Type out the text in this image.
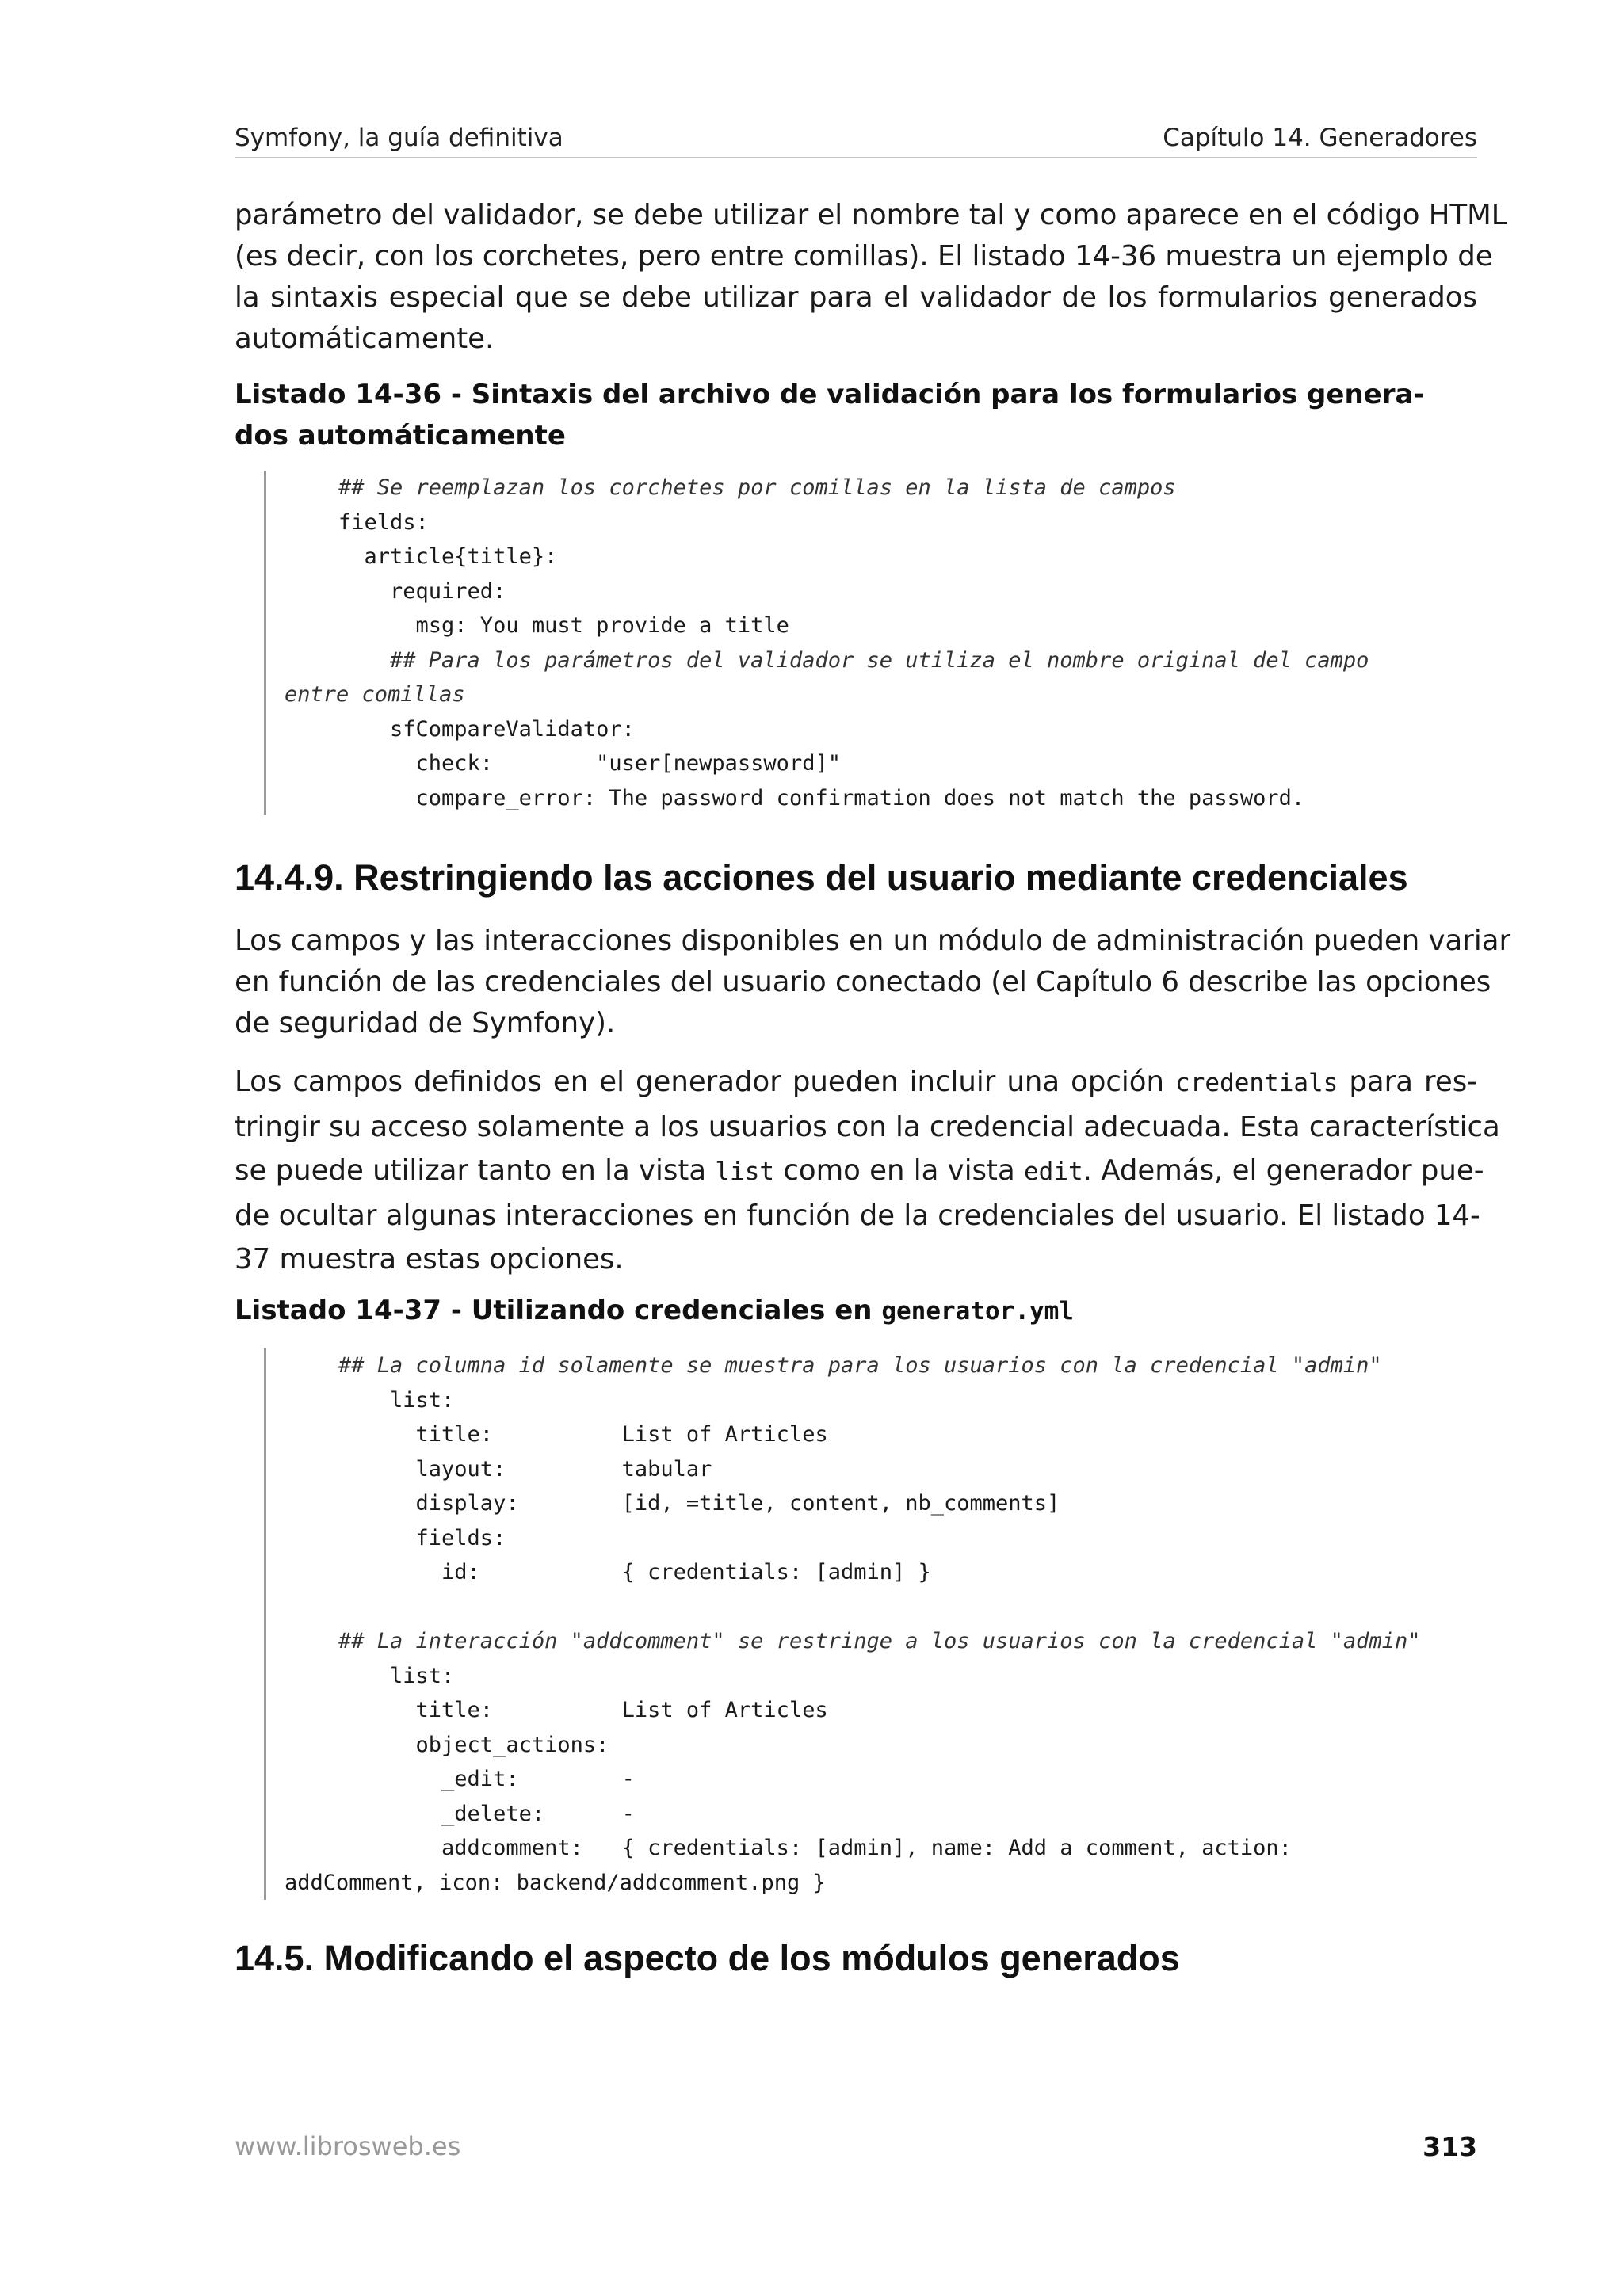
Symfony, la guía definitiva	Capítulo 14. Generadores
parámetro del validador, se debe utilizar el nombre tal y como aparece en el código HTML
(es decir, con los corchetes, pero entre comillas). El listado 14-36 muestra un ejemplo de
la sintaxis especial que se debe utilizar para el validador de los formularios generados
automáticamente.
Listado 14-36 - Sintaxis del archivo de validación para los formularios genera-
dos automáticamente
## Se reemplazan los corchetes por comillas en la lista de campos
fields:
article{title}:
required:
msg: You must provide a title
## Para los parámetros del validador se utiliza el nombre original del campo
entre comillas
sfCompareValidator:
check:        "user[newpassword]"
compare_error: The password confirmation does not match the password.
14.4.9. Restringiendo las acciones del usuario mediante credenciales
Los campos y las interacciones disponibles en un módulo de administración pueden variar
en función de las credenciales del usuario conectado (el Capítulo 6 describe las opciones
de seguridad de Symfony).
Los campos definidos en el generador pueden incluir una opción credentials para res-
tringir su acceso solamente a los usuarios con la credencial adecuada. Esta característica
se puede utilizar tanto en la vista list como en la vista edit. Además, el generador pue-
de ocultar algunas interacciones en función de la credenciales del usuario. El listado 14-
37 muestra estas opciones.
Listado 14-37 - Utilizando credenciales en generator.yml
## La columna id solamente se muestra para los usuarios con la credencial "admin"
list:
title:          List of Articles
layout:         tabular
display:        [id, =title, content, nb_comments]
fields:
id:           { credentials: [admin] }
## La interacción "addcomment" se restringe a los usuarios con la credencial "admin"
list:
title:          List of Articles
object_actions:
_edit:        -
_delete:      -
addcomment:   { credentials: [admin], name: Add a comment, action:
addComment, icon: backend/addcomment.png }
14.5. Modificando el aspecto de los módulos generados
www.librosweb.es	313
